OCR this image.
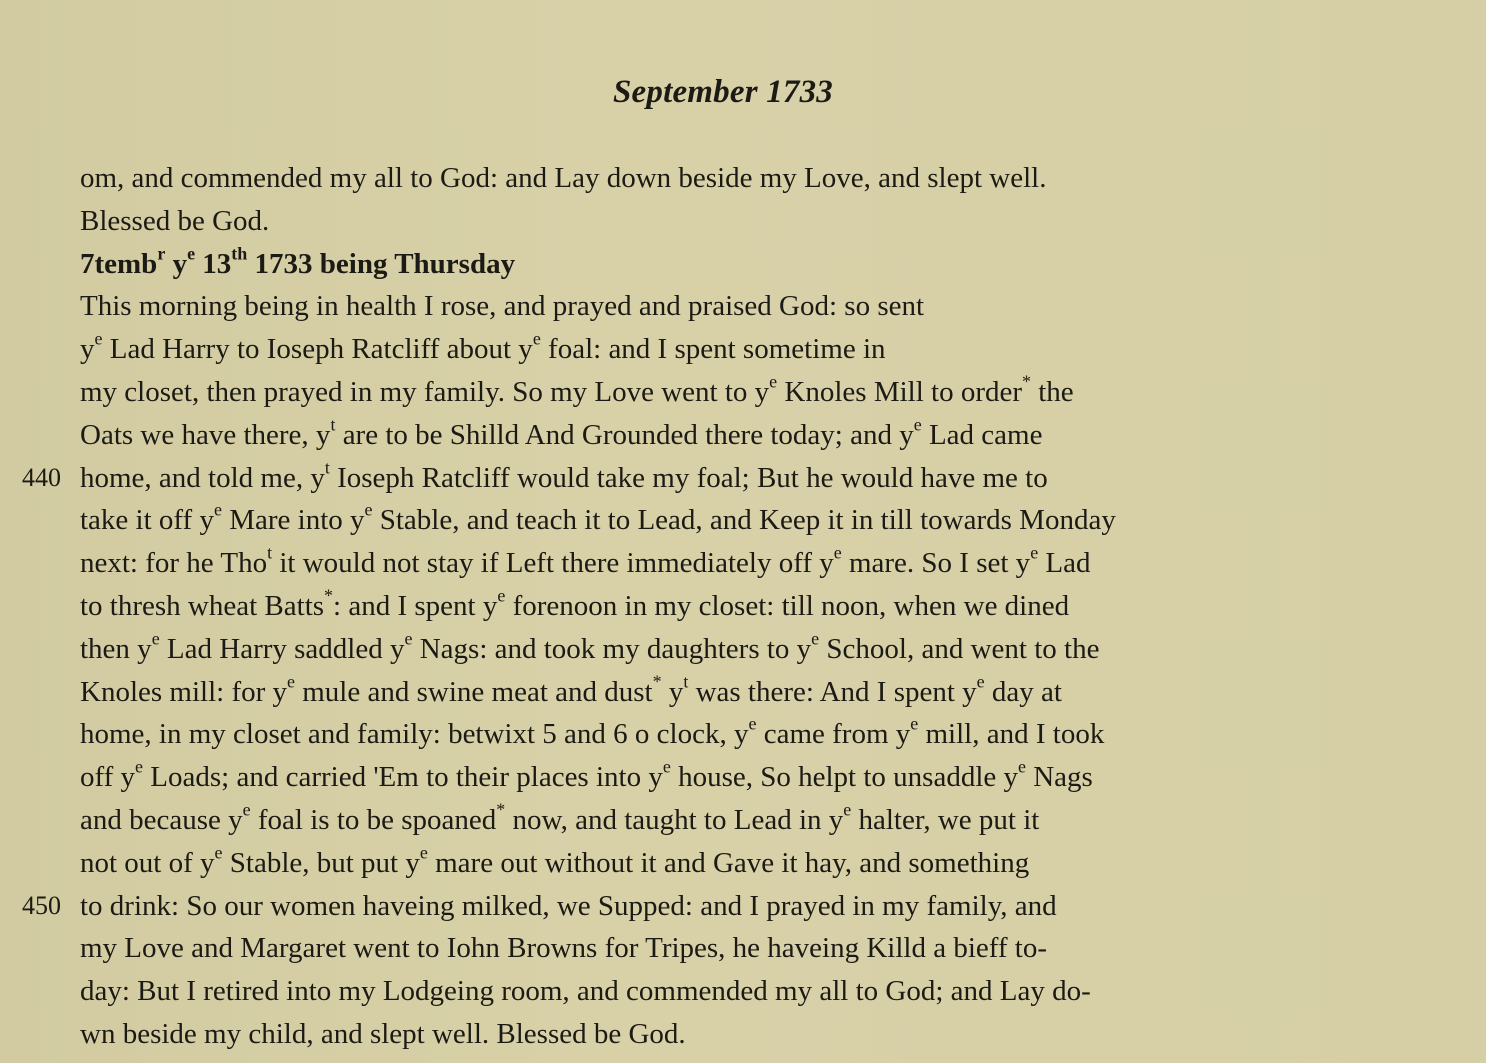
September 1733
om, and commended my all to God: and Lay down beside my Love, and slept well.
Blessed be God.
7temb$^r$ $y^e$ 13th 1733 being Thursday
This morning being in health I rose, and prayed and praised God: so sent
$y^e$ Lad Harry to Ioseph Ratcliff about $y^e$ foal: and I spent sometime in
my closet, then prayed in my family. So my Love went to $y^e$ Knoles Mill to order* the
Oats we have there, $y^t$ are to be Shilld And Grounded there today; and $y^e$ Lad came
440 home, and told me, $y^t$ Ioseph Ratcliff would take my foal; But he would have me to
take it off $y^e$ Mare into $y^e$ Stable, and teach it to Lead, and Keep it in till towards Monday
next: for he Tho$^t$ it would not stay if Left there immediately off $y^e$ mare. So I set $y^e$ Lad
to thresh wheat Batts*: and I spent $y^e$ forenoon in my closet: till noon, when we dined
then $y^e$ Lad Harry saddled $y^e$ Nags: and took my daughters to $y^e$ School, and went to the
Knoles mill: for $y^e$ mule and swine meat and dust* $y^t$ was there: And I spent $y^e$ day at
home, in my closet and family: betwixt 5 and 6 o clock, $y^e$ came from $y^e$ mill, and I took
off $y^e$ Loads; and carried 'Em to their places into $y^e$ house, So helpt to unsaddle $y^e$ Nags
and because $y^e$ foal is to be spoaned* now, and taught to Lead in $y^e$ halter, we put it
not out of $y^e$ Stable, but put $y^e$ mare out without it and Gave it hay, and something
450 to drink: So our women haveing milked, we Supped: and I prayed in my family, and
my Love and Margaret went to Iohn Browns for Tripes, he haveing Killd a bieff to-
day: But I retired into my Lodgeing room, and commended my all to God; and Lay do-
wn beside my child, and slept well. Blessed be God.
